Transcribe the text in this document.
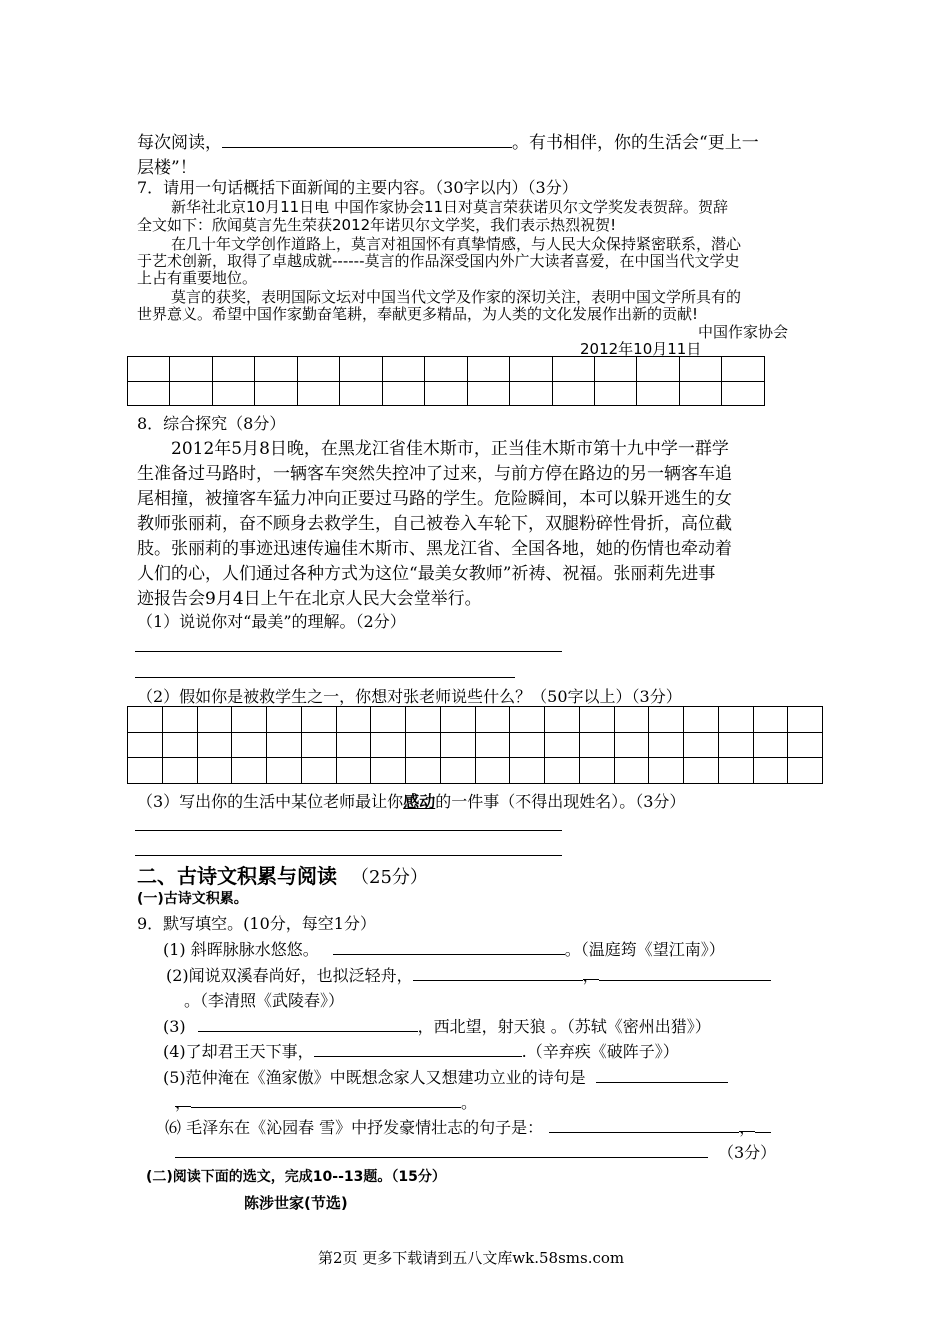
每次阅读，	。有书相伴，你的生活会“更上一
层楼”！
7．请用一句话概括下面新闻的主要内容。（30字以内）（3分）
新华社北京10月11日电 中国作家协会11日对莫言荣获诺贝尔文学奖发表贺辞。贺辞
全文如下：欣闻莫言先生荣获2012年诺贝尔文学奖，我们表示热烈祝贺!
在几十年文学创作道路上，莫言对祖国怀有真挚情感，与人民大众保持紧密联系，潜心
于艺术创新，取得了卓越成就------莫言的作品深受国内外广大读者喜爱，在中国当代文学史
上占有重要地位。
莫言的获奖，表明国际文坛对中国当代文学及作家的深切关注，表明中国文学所具有的
世界意义。希望中国作家勤奋笔耕，奉献更多精品，为人类的文化发展作出新的贡献!
中国作家协会
2012年10月11日

8．综合探究（8分）
2012年5月8日晚，在黑龙江省佳木斯市，正当佳木斯市第十九中学一群学
生准备过马路时，一辆客车突然失控冲了过来，与前方停在路边的另一辆客车追
尾相撞，被撞客车猛力冲向正要过马路的学生。危险瞬间，本可以躲开逃生的女
教师张丽莉，奋不顾身去救学生，自己被卷入车轮下，双腿粉碎性骨折，高位截
肢。张丽莉的事迹迅速传遍佳木斯市、黑龙江省、全国各地，她的伤情也牵动着
人们的心，人们通过各种方式为这位“最美女教师”祈祷、祝福。张丽莉先进事
迹报告会9月4日上午在北京人民大会堂举行。
（1）说说你对“最美”的理解。（2分）
（2）假如你是被救学生之一，你想对张老师说些什么？（50字以上）（3分）

（3）写出你的生活中某位老师最让你感动的一件事（不得出现姓名）。（3分）
二、古诗文积累与阅读 （25分）
(一)古诗文积累。
9．默写填空。(10分，每空1分）
(1) 斜晖脉脉水悠悠。	。（温庭筠《望江南》）
(2)闻说双溪春尚好，也拟泛轻舟，	，
。（李清照《武陵春》）
(3)	，西北望，射天狼 。（苏轼《密州出猎》）
(4)了却君王天下事，	.（辛弃疾《破阵子》）
(5)范仲淹在《渔家傲》中既想念家人又想建功立业的诗句是
，	。
⑹ 毛泽东在《沁园春 雪》中抒发豪情壮志的句子是：	，
（3分）
(二)阅读下面的选文，完成10--13题。（15分）
陈涉世家(节选)
第2页 更多下载请到五八文库wk.58sms.com
